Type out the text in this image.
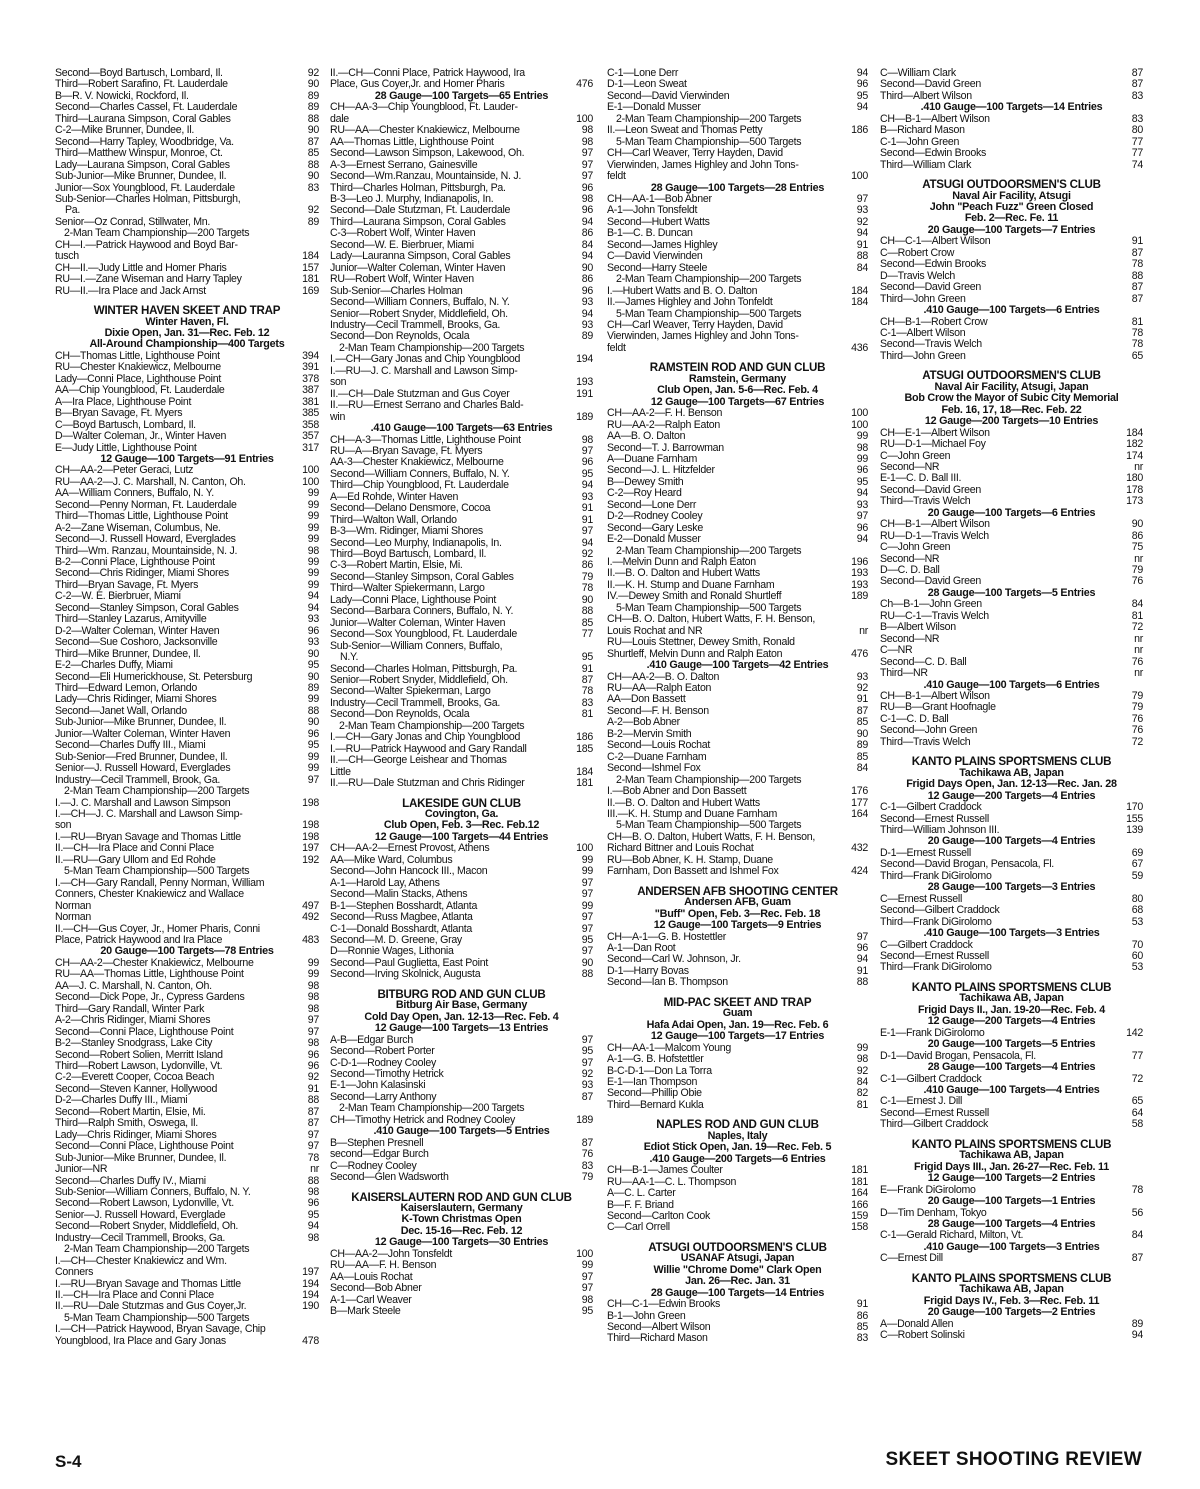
Second—Boyd Bartusch, Lombard, Il.	92
Third—Robert Sarafino, Ft. Lauderdale	90
B—R. V. Nowicki, Rockford, Il.	89
Second—Charles Cassel, Ft. Lauderdale	89
Third—Laurana Simpson, Coral Gables	88
C-2—Mike Brunner, Dundee, Il.	90
Second—Harry Tapley, Woodbridge, Va.	87
Third—Matthew Winspur, Monroe, Ct.	85
Lady—Laurana Simpson, Coral Gables	88
Sub-Junior—Mike Brunner, Dundee, Il.	90
Junior—Sox Youngblood, Ft. Lauderdale	83
Sub-Senior—Charles Holman, Pittsburgh,
Pa.	92
Senior—Oz Conrad, Stillwater, Mn.	89
2-Man Team Championship—200 Targets
CH—I.—Patrick Haywood and Boyd Bar-
tusch	184
CH—II.—Judy Little and Homer Pharis	157
RU—I.—Zane Wiseman and Harry Tapley	181
RU—II.—Ira Place and Jack Arnst	169
WINTER HAVEN SKEET AND TRAP
Winter Haven, Fl.
Dixie Open, Jan. 31—Rec. Feb. 12
All-Around Championship—400 Targets
CH—Thomas Little, Lighthouse Point	394
RU—Chester Knakiewicz, Melbourne	391
Lady—Conni Place, Lighthouse Point	378
AA—Chip Youngblood, Ft. Lauderdale	387
A—Ira Place, Lighthouse Point	381
B—Bryan Savage, Ft. Myers	385
C—Boyd Bartusch, Lombard, Il.	358
D—Walter Coleman, Jr., Winter Haven	357
E—Judy Little, Lighthouse Point	317
12 Gauge—100 Targets—91 Entries
CH—AA-2—Peter Geraci, Lutz	100
RU—AA-2—J. C. Marshall, N. Canton, Oh.	100
AA—William Conners, Buffalo, N. Y.	99
Second—Penny Norman, Ft. Lauderdale	99
Third—Thomas Little, Lighthouse Point	99
A-2—Zane Wiseman, Columbus, Ne.	99
Second—J. Russell Howard, Everglades	99
Third—Wm. Ranzau, Mountainside, N. J.	98
B-2—Conni Place, Lighthouse Point	99
Second—Chris Ridinger, Miami Shores	99
Third—Bryan Savage, Ft. Myers	99
C-2—W. E. Bierbruer, Miami	94
Second—Stanley Simpson, Coral Gables	94
Third—Stanley Lazarus, Amityville	93
D-2—Walter Coleman, Winter Haven	96
Second—Sue Coshoro, Jacksonville	93
Third—Mike Brunner, Dundee, Il.	90
E-2—Charles Duffy, Miami	95
Second—Eli Humerickhouse, St. Petersburg	90
Third—Edward Lemon, Orlando	89
Lady—Chris Ridinger, Miami Shores	99
Second—Janet Wall, Orlando	88
Sub-Junior—Mike Brunner, Dundee, Il.	90
Junior—Walter Coleman, Winter Haven	96
Second—Charles Duffy III., Miami	95
Sub-Senior—Fred Brunner, Dundee, Il.	99
Senior—J. Russell Howard, Everglades	99
Industry—Cecil Trammell, Brook, Ga.	97
2-Man Team Championship—200 Targets
I.—J. C. Marshall and Lawson Simpson	198
I.—CH—J. C. Marshall and Lawson Simp-
son	198
I.—RU—Bryan Savage and Thomas Little	198
II.—CH—Ira Place and Conni Place	197
II.—RU—Gary Ullom and Ed Rohde	192
5-Man Team Championship—500 Targets
I.—CH—Gary Randall, Penny Norman, William
Conners, Chester Knakiewicz and Wallace
Norman	497
Norman	492
II.—CH—Gus Coyer, Jr., Homer Pharis, Conni
Place, Patrick Haywood and Ira Place	483
20 Gauge—100 Targets—78 Entries
CH—AA-2—Chester Knakiewicz, Melbourne	99
RU—AA—Thomas Little, Lighthouse Point	99
AA—J. C. Marshall, N. Canton, Oh.	98
Second—Dick Pope, Jr., Cypress Gardens	98
Third—Gary Randall, Winter Park	98
A-2—Chris Ridinger, Miami Shores	97
Second—Conni Place, Lighthouse Point	97
B-2—Stanley Snodgrass, Lake City	98
Second—Robert Solien, Merritt Island	96
Third—Robert Lawson, Lydonville, Vt.	96
C-2—Everett Cooper, Cocoa Beach	92
Second—Steven Kanner, Hollywood	91
D-2—Charles Duffy III., Miami	88
Second—Robert Martin, Elsie, Mi.	87
Third—Ralph Smith, Oswega, Il.	87
Lady—Chris Ridinger, Miami Shores	97
Second—Conni Place, Lighthouse Point	97
Sub-Junior—Mike Brunner, Dundee, Il.	78
Junior—NR	nr
Second—Charles Duffy IV., Miami	88
Sub-Senior—William Conners, Buffalo, N. Y.	98
Second—Robert Lawson, Lydonville, Vt.	96
Senior—J. Russell Howard, Everglade	95
Second—Robert Snyder, Middlefield, Oh.	94
Industry—Cecil Trammell, Brooks, Ga.	98
2-Man Team Championship—200 Targets
I.—CH—Chester Knakiewicz and Wm.
Conners	197
I.—RU—Bryan Savage and Thomas Little	194
II.—CH—Ira Place and Conni Place	194
II.—RU—Dale Stutzmas and Gus Coyer,Jr.	190
5-Man Team Championship—500 Targets
I.—CH—Patrick Haywood, Bryan Savage, Chip
Youngblood, Ira Place and Gary Jonas	478
II.—CH—Conni Place, Patrick Haywood, Ira
Place, Gus Coyer,Jr. and Homer Pharis	476
28 Gauge—100 Targets—65 Entries
CH—AA-3—Chip Youngblood, Ft. Lauder-
dale	100
RU—AA—Chester Knakiewicz, Melbourne	98
AA—Thomas Little, Lighthouse Point	98
Second—Lawson Simpson, Lakewood, Oh.	97
A-3—Ernest Serrano, Gainesville	97
Second—Wm.Ranzau, Mountainside, N. J.	97
Third—Charles Holman, Pittsburgh, Pa.	96
B-3—Leo J. Murphy, Indianapolis, In.	98
Second—Dale Stutzman, Ft. Lauderdale	96
Third—Laurana Simpson, Coral Gables	94
C-3—Robert Wolf, Winter Haven	86
Second—W. E. Bierbruer, Miami	84
Lady—Lauranna Simpson, Coral Gables	94
Junior—Walter Coleman, Winter Haven	90
RU—Robert Wolf, Winter Haven	86
Sub-Senior—Charles Holman	96
Second—William Conners, Buffalo, N. Y.	93
Senior—Robert Snyder, Middlefield, Oh.	94
Industry—Cecil Trammell, Brooks, Ga.	93
Second—Don Reynolds, Ocala	89
2-Man Team Championship—200 Targets
I.—CH—Gary Jonas and Chip Youngblood	194
I.—RU—J. C. Marshall and Lawson Simp-
son	193
II.—CH—Dale Stutzman and Gus Coyer	191
II.—RU—Ernest Serrano and Charles Bald-
win	189
.410 Gauge—100 Targets—63 Entries
CH—A-3—Thomas Little, Lighthouse Point	98
RU—A—Bryan Savage, Ft. Myers	97
AA-3—Chester Knakiewicz, Melbourne	96
Second—William Conners, Buffalo, N. Y.	95
Third—Chip Youngblood, Ft. Lauderdale	94
A—Ed Rohde, Winter Haven	93
Second—Delano Densmore, Cocoa	91
Third—Walton Wall, Orlando	91
B-3—Wm. Ridinger, Miami Shores	97
Second—Leo Murphy, Indianapolis, In.	94
Third—Boyd Bartusch, Lombard, Il.	92
C-3—Robert Martin, Elsie, Mi.	86
Second—Stanley Simpson, Coral Gables	79
Third—Walter Spiekermann, Largo	78
Lady—Conni Place, Lighthouse Point	90
Second—Barbara Conners, Buffalo, N. Y.	88
Junior—Walter Coleman, Winter Haven	85
Second—Sox Youngblood, Ft. Lauderdale	77
Sub-Senior—William Conners, Buffalo,
N.Y.	95
Second—Charles Holman, Pittsburgh, Pa.	91
Senior—Robert Snyder, Middlefield, Oh.	87
Second—Walter Spiekerman, Largo	78
Industry—Cecil Trammell, Brooks, Ga.	83
Second—Don Reynolds, Ocala	81
2-Man Team Championship—200 Targets
I.—CH—Gary Jonas and Chip Youngblood	186
I.—RU—Patrick Haywood and Gary Randall	185
II.—CH—George Leishear and Thomas
Little	184
II.—RU—Dale Stutzman and Chris Ridinger	181
LAKESIDE GUN CLUB
Covington, Ga.
Club Open, Feb. 3—Rec. Feb.12
12 Gauge—100 Targets—44 Entries
CH—AA-2—Ernest Provost, Athens	100
AA—Mike Ward, Columbus	99
Second—John Hancock III., Macon	99
A-1—Harold Lay, Athens	97
Second—Malin Stacks, Athens	97
B-1—Stephen Bosshardt, Atlanta	99
Second—Russ Magbee, Atlanta	97
C-1—Donald Bosshardt, Atlanta	97
Second—M. D. Greene, Gray	95
D—Ronnie Wages, Lithonia	97
Second—Paul Guglietta, East Point	90
Second—Irving Skolnick, Augusta	88
BITBURG ROD AND GUN CLUB
Bitburg Air Base, Germany
Cold Day Open, Jan. 12-13—Rec. Feb. 4
12 Gauge—100 Targets—13 Entries
A-B—Edgar Burch	97
Second—Robert Porter	95
C-D-1—Rodney Cooley	97
Second—Timothy Hetrick	92
E-1—John Kalasinski	93
Second—Larry Anthony	87
2-Man Team Championship—200 Targets
CH—Timothy Hetrick and Rodney Cooley	189
.410 Gauge—100 Targets—5 Entries
B—Stephen Presnell	87
second—Edgar Burch	76
C—Rodney Cooley	83
Second—Glen Wadsworth	79
KAISERSLAUTERN ROD AND GUN CLUB
Kaiserslautern, Germany
K-Town Christmas Open
Dec. 15-16—Rec. Feb. 12
12 Gauge—100 Targets—30 Entries
CH—AA-2—John Tonsfeldt	100
RU—AA—F. H. Benson	99
AA—Louis Rochat	97
Second—Bob Abner	97
A-1—Carl Weaver	98
B—Mark Steele	95
C-1—Lone Derr	94
D-1—Leon Sweat	96
Second—David Vierwinden	95
E-1—Donald Musser	94
2-Man Team Championship—200 Targets
II.—Leon Sweat and Thomas Petty	186
5-Man Team Championship—500 Targets
CH—Carl Weaver, Terry Hayden, David
Vierwinden, James Highley and John Tons-
feldt	100
28 Gauge—100 Targets—28 Entries
CH—AA-1—Bob Abner	97
A-1—John Tonsfeldt	93
Second—Hubert Watts	92
B-1—C. B. Duncan	94
Second—James Highley	91
C—David Vierwinden	88
Second—Harry Steele	84
2-Man Team Championship—200 Targets
I.—Hubert Watts and B. O. Dalton	184
II.—James Highley and John Tonfeldt	184
5-Man Team Championship—500 Targets
CH—Carl Weaver, Terry Hayden, David
Vierwinden, James Highley and John Tons-
feldt	436
RAMSTEIN ROD AND GUN CLUB
Ramstein, Germany
Club Open, Jan. 5-6—Rec. Feb. 4
12 Gauge—100 Targets—67 Entries
CH—AA-2—F. H. Benson	100
RU—AA-2—Ralph Eaton	100
AA—B. O. Dalton	99
Second—T. J. Barrowman	98
A—Duane Farnham	99
Second—J. L. Hitzfelder	96
B—Dewey Smith	95
C-2—Roy Heard	94
Second—Lone Derr	93
D-2—Rodney Cooley	97
Second—Gary Leske	96
E-2—Donald Musser	94
2-Man Team Championship—200 Targets
I.—Melvin Dunn and Ralph Eaton	196
II.—B. O. Dalton and Hubert Watts	193
II.—K. H. Stump and Duane Farnham	193
IV.—Dewey Smith and Ronald Shurtleff	189
5-Man Team Championship—500 Targets
CH—B. O. Dalton, Hubert Watts, F. H. Benson,
Louis Rochat and NR	nr
RU—Louis Stettner, Dewey Smith, Ronald
Shurtleff, Melvin Dunn and Ralph Eaton	476
.410 Gauge—100 Targets—42 Entries
CH—AA-2—B. O. Dalton	93
RU—AA—Ralph Eaton	92
AA—Don Bassett	91
Second—F. H. Benson	87
A-2—Bob Abner	85
B-2—Mervin Smith	90
Second—Louis Rochat	89
C-2—Duane Farnham	85
Second—Ishmel Fox	84
2-Man Team Championship—200 Targets
I.—Bob Abner and Don Bassett	176
II.—B. O. Dalton and Hubert Watts	177
III.—K. H. Stump and Duane Farnham	164
5-Man Team Championship—500 Targets
CH—B. O. Dalton, Hubert Watts, F. H. Benson,
Richard Bittner and Louis Rochat	432
RU—Bob Abner, K. H. Stamp, Duane
Farnham, Don Bassett and Ishmel Fox	424
ANDERSEN AFB SHOOTING CENTER
Andersen AFB, Guam
"Buff" Open, Feb. 3—Rec. Feb. 18
12 Gauge—100 Targets—9 Entries
CH—A-1—G. B. Hostettler	97
A-1—Dan Root	96
Second—Carl W. Johnson, Jr.	94
D-1—Harry Bovas	91
Second—Ian B. Thompson	88
MID-PAC SKEET AND TRAP
Guam
Hafa Adai Open, Jan. 19—Rec. Feb. 6
12 Gauge—100 Targets—17 Entries
CH—AA-1—Malcom Young	99
A-1—G. B. Hofstettler	98
B-C-D-1—Don La Torra	92
E-1—Ian Thompson	84
Second—Phillip Obie	82
Third—Bernard Kukla	81
NAPLES ROD AND GUN CLUB
Naples, Italy
Ediot Stick Open, Jan. 19—Rec. Feb. 5
.410 Gauge—200 Targets—6 Entries
CH—B-1—James Coulter	181
RU—AA-1—C. L. Thompson	181
A—C. L. Carter	164
B—F. F. Briand	166
Second—Carlton Cook	159
C—Carl Orrell	158
ATSUGI OUTDOORSMEN'S CLUB
USANAF Atsugi, Japan
Willie "Chrome Dome" Clark Open
Jan. 26—Rec. Jan. 31
28 Gauge—100 Targets—14 Entries
CH—C-1—Edwin Brooks	91
B-1—John Green	86
Second—Albert Wilson	85
Third—Richard Mason	83
C—William Clark	87
Second—David Green	87
Third—Albert Wilson	83
.410 Gauge—100 Targets—14 Entries
CH—B-1—Albert Wilson	83
B—Richard Mason	80
C-1—John Green	77
Second—Edwin Brooks	77
Third—William Clark	74
ATSUGI OUTDOORSMEN'S CLUB
Naval Air Facility, Atsugi
John "Peach Fuzz" Green Closed
Feb. 2—Rec. Fe. 11
20 Gauge—100 Targets—7 Entries
CH—C-1—Albert Wilson	91
C—Robert Crow	87
Second—Edwin Brooks	78
D—Travis Welch	88
Second—David Green	87
Third—John Green	87
.410 Gauge—100 Targets—6 Entries
CH—B-1—Robert Crow	81
C-1—Albert Wilson	78
Second—Travis Welch	78
Third—John Green	65
ATSUGI OUTDOORSMEN'S CLUB
Naval Air Facility, Atsugi, Japan
Bob Crow the Mayor of Subic City Memorial
Feb. 16, 17, 18—Rec. Feb. 22
12 Gauge—200 Targets—10 Entries
CH—E-1—Albert Wilson	184
RU—D-1—Michael Foy	182
C—John Green	174
Second—NR	nr
E-1—C. D. Ball III.	180
Second—David Green	178
Third—Travis Welch	173
20 Gauge—100 Targets—6 Entries
CH—B-1—Albert Wilson	90
RU—D-1—Travis Welch	86
C—John Green	75
Second—NR	nr
D—C. D. Ball	79
Second—David Green	76
28 Gauge—100 Targets—5 Entries
Ch—B-1—John Green	84
RU—C-1—Travis Welch	81
B—Albert Wilson	72
Second—NR	nr
C—NR	nr
Second—C. D. Ball	76
Third—NR	nr
.410 Gauge—100 Targets—6 Entries
CH—B-1—Albert Wilson	79
RU—B—Grant Hoofnagle	79
C-1—C. D. Ball	76
Second—John Green	76
Third—Travis Welch	72
KANTO PLAINS SPORTSMENS CLUB
Tachikawa AB, Japan
Frigid Days Open, Jan. 12-13—Rec. Jan. 28
12 Gauge—200 Targets—4 Entries
C-1—Gilbert Craddock	170
Second—Ernest Russell	155
Third—William Johnson III.	139
20 Gauge—100 Targets—4 Entries
D-1—Ernest Russell	69
Second—David Brogan, Pensacola, Fl.	67
Third—Frank DiGirolomo	59
28 Gauge—100 Targets—3 Entries
C—Ernest Russell	80
Second—Gilbert Craddock	68
Third—Frank DiGirolomo	53
.410 Gauge—100 Targets—3 Entries
C—Gilbert Craddock	70
Second—Ernest Russell	60
Third—Frank DiGirolomo	53
KANTO PLAINS SPORTSMENS CLUB
Tachikawa AB, Japan
Frigid Days II., Jan. 19-20—Rec. Feb. 4
12 Gauge—200 Targets—4 Entries
E-1—Frank DiGirolomo	142
20 Gauge—100 Targets—5 Entries
D-1—David Brogan, Pensacola, Fl.	77
28 Gauge—100 Targets—4 Entries
C-1—Gilbert Craddock	72
.410 Gauge—100 Targets—4 Entries
C-1—Ernest J. Dill	65
Second—Ernest Russell	64
Third—Gilbert Craddock	58
KANTO PLAINS SPORTSMENS CLUB
Tachikawa AB, Japan
Frigid Days III., Jan. 26-27—Rec. Feb. 11
12 Gauge—100 Targets—2 Entries
E—Frank DiGirolomo	78
20 Gauge—100 Targets—1 Entries
D—Tim Denham, Tokyo	56
28 Gauge—100 Targets—4 Entries
C-1—Gerald Richard, Milton, Vt.	84
.410 Gauge—100 Targets—3 Entries
C—Ernest Dill	87
KANTO PLAINS SPORTSMENS CLUB
Tachikawa AB, Japan
Frigid Days IV., Feb. 3—Rec. Feb. 11
20 Gauge—100 Targets—2 Entries
A—Donald Allen	89
C—Robert Solinski	94
S-4	SKEET SHOOTING REVIEW
